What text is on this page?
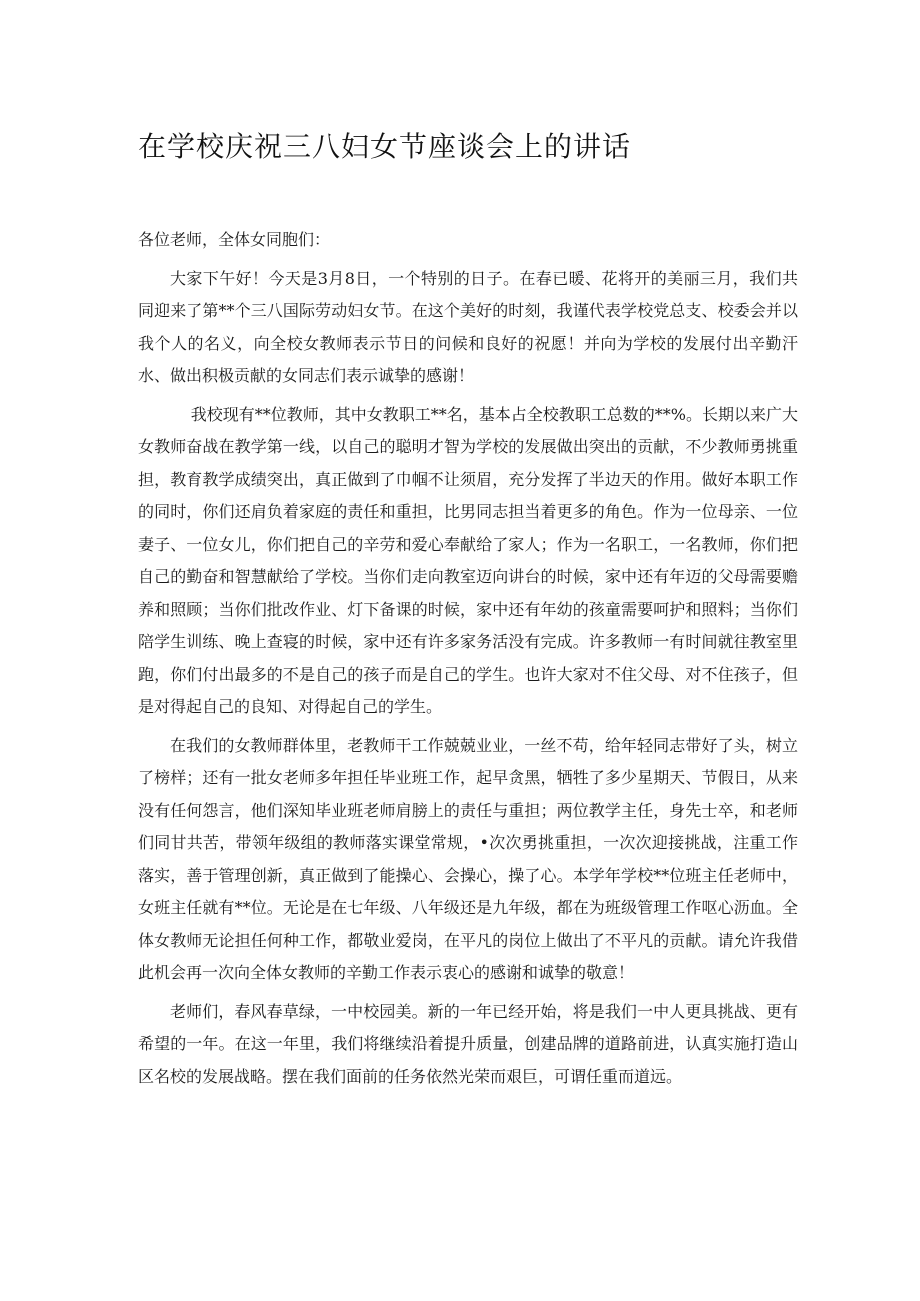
在学校庆祝三八妇女节座谈会上的讲话

各位老师，全体女同胞们：

大家下午好！今天是3月8日，一个特别的日子。在春已暖、花将开的美丽三月，我们共同迎来了第**个三八国际劳动妇女节。在这个美好的时刻，我谨代表学校党总支、校委会并以我个人的名义，向全校女教师表示节日的问候和良好的祝愿！并向为学校的发展付出辛勤汗水、做出积极贡献的女同志们表示诚挚的感谢！

我校现有**位教师，其中女教职工**名，基本占全校教职工总数的**%。长期以来广大女教师奋战在教学第一线，以自己的聪明才智为学校的发展做出突出的贡献，不少教师勇挑重担，教育教学成绩突出，真正做到了巾帼不让须眉，充分发挥了半边天的作用。做好本职工作的同时，你们还肩负着家庭的责任和重担，比男同志担当着更多的角色。作为一位母亲、一位妻子、一位女儿，你们把自己的辛劳和爱心奉献给了家人；作为一名职工，一名教师，你们把自己的勤奋和智慧献给了学校。当你们走向教室迈向讲台的时候，家中还有年迈的父母需要赡养和照顾；当你们批改作业、灯下备课的时候，家中还有年幼的孩童需要呵护和照料；当你们陪学生训练、晚上查寝的时候，家中还有许多家务活没有完成。许多教师一有时间就往教室里跑，你们付出最多的不是自己的孩子而是自己的学生。也许大家对不住父母、对不住孩子，但是对得起自己的良知、对得起自己的学生。

在我们的女教师群体里，老教师干工作兢兢业业，一丝不苟，给年轻同志带好了头，树立了榜样；还有一批女老师多年担任毕业班工作，起早贪黑，牺牲了多少星期天、节假日，从来没有任何怨言，他们深知毕业班老师肩膀上的责任与重担；两位教学主任，身先士卒，和老师们同甘共苦，带领年级组的教师落实课堂常规，•次次勇挑重担，一次次迎接挑战，注重工作落实，善于管理创新，真正做到了能操心、会操心，操了心。本学年学校**位班主任老师中，女班主任就有**位。无论是在七年级、八年级还是九年级，都在为班级管理工作呕心沥血。全体女教师无论担任何种工作，都敬业爱岗，在平凡的岗位上做出了不平凡的贡献。请允许我借此机会再一次向全体女教师的辛勤工作表示衷心的感谢和诚挚的敬意！

老师们，春风春草绿，一中校园美。新的一年已经开始，将是我们一中人更具挑战、更有希望的一年。在这一年里，我们将继续沿着提升质量，创建品牌的道路前进，认真实施打造山区名校的发展战略。摆在我们面前的任务依然光荣而艰巨，可谓任重而道远。
